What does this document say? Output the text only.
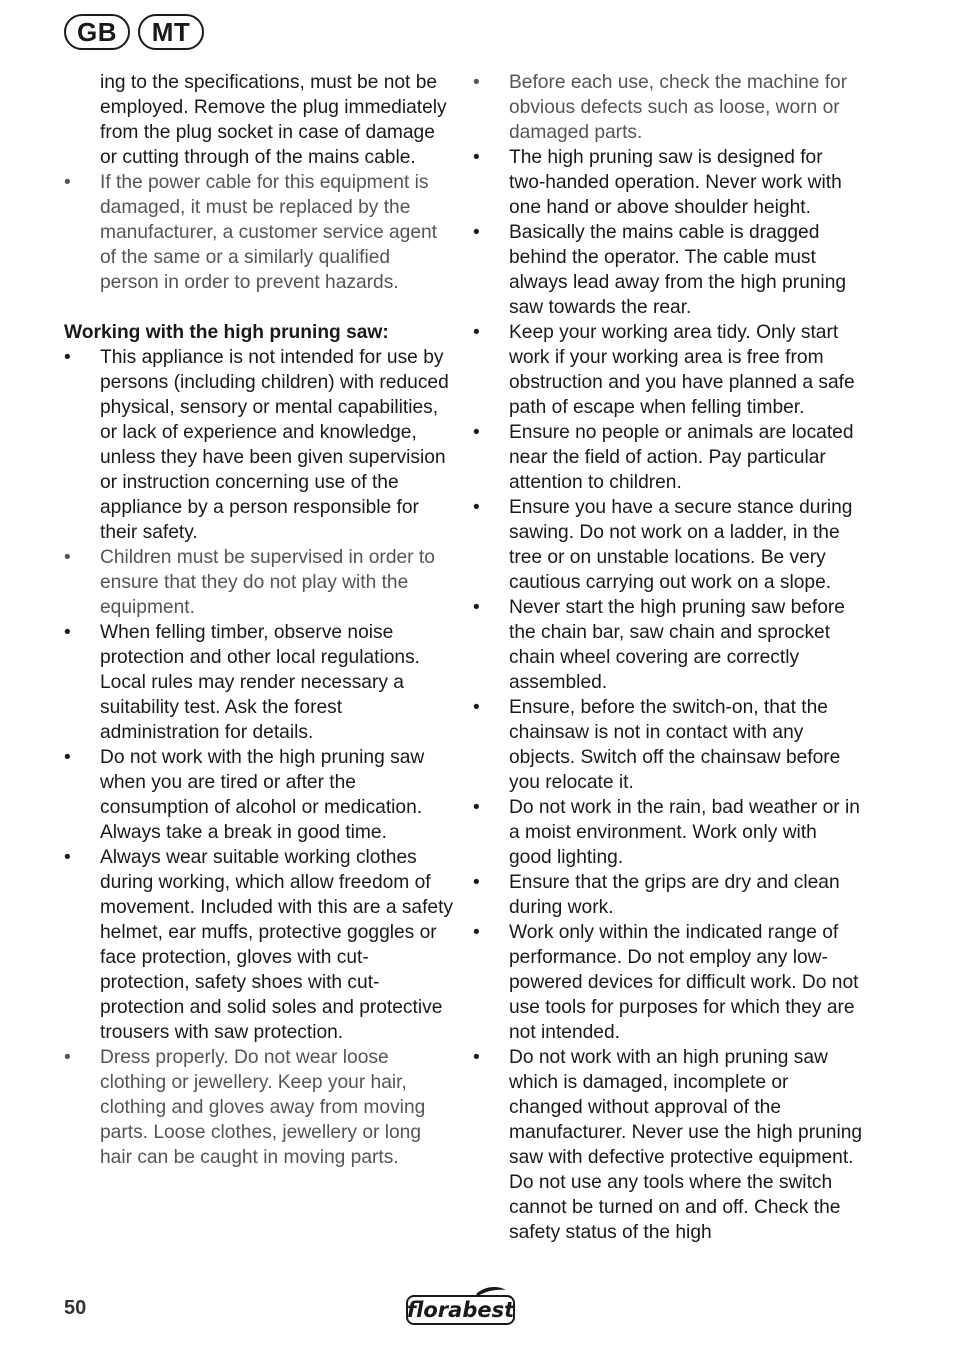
GB	MT
ing to the specifications, must be not be employed. Remove the plug immediately from the plug socket in case of damage or cutting through of the mains cable.
•	If the power cable for this equipment is damaged, it must be replaced by the manufacturer, a customer service agent of the same or a similarly qualified person in order to prevent hazards.
Working with the high pruning saw:
•	This appliance is not intended for use by persons (including children) with reduced physical, sensory or mental capabilities, or lack of experience and knowledge, unless they have been given supervision or instruction concerning use of the appliance by a person responsible for their safety.
•	Children must be supervised in order to ensure that they do not play with the equipment.
•	When felling timber, observe noise protection and other local regulations. Local rules may render necessary a suitability test. Ask the forest administration for details.
•	Do not work with the high pruning saw when you are tired or after the consumption of alcohol or medication. Always take a break in good time.
•	Always wear suitable working clothes during working, which allow freedom of movement. Included with this are a safety helmet, ear muffs, protective goggles or face protection, gloves with cut-protection, safety shoes with cut-protection and solid soles and protective trousers with saw protection.
•	Dress properly. Do not wear loose clothing or jewellery. Keep your hair, clothing and gloves away from moving parts. Loose clothes, jewellery or long hair can be caught in moving parts.
•	Before each use, check the machine for obvious defects such as loose, worn or damaged parts.
•	The high pruning saw is designed for two-handed operation. Never work with one hand or above shoulder height.
•	Basically the mains cable is dragged behind the operator. The cable must always lead away from the high pruning saw towards the rear.
•	Keep your working area tidy. Only start work if your working area is free from obstruction and you have planned a safe path of escape when felling timber.
•	Ensure no people or animals are located near the field of action. Pay particular attention to children.
•	Ensure you have a secure stance during sawing. Do not work on a ladder, in the tree or on unstable locations. Be very cautious carrying out work on a slope.
•	Never start the high pruning saw before the chain bar, saw chain and sprocket chain wheel covering are correctly assembled.
•	Ensure, before the switch-on, that the chainsaw is not in contact with any objects. Switch off the chainsaw before you relocate it.
•	Do not work in the rain, bad weather or in a moist environment. Work only with good lighting.
•	Ensure that the grips are dry and clean during work.
•	Work only within the indicated range of performance. Do not employ any low-powered devices for difficult work. Do not use tools for purposes for which they are not intended.
•	Do not work with an high pruning saw which is damaged, incomplete or changed without approval of the manufacturer. Never use the high pruning saw with defective protective equipment. Do not use any tools where the switch cannot be turned on and off. Check the safety status of the high
50	florabest
